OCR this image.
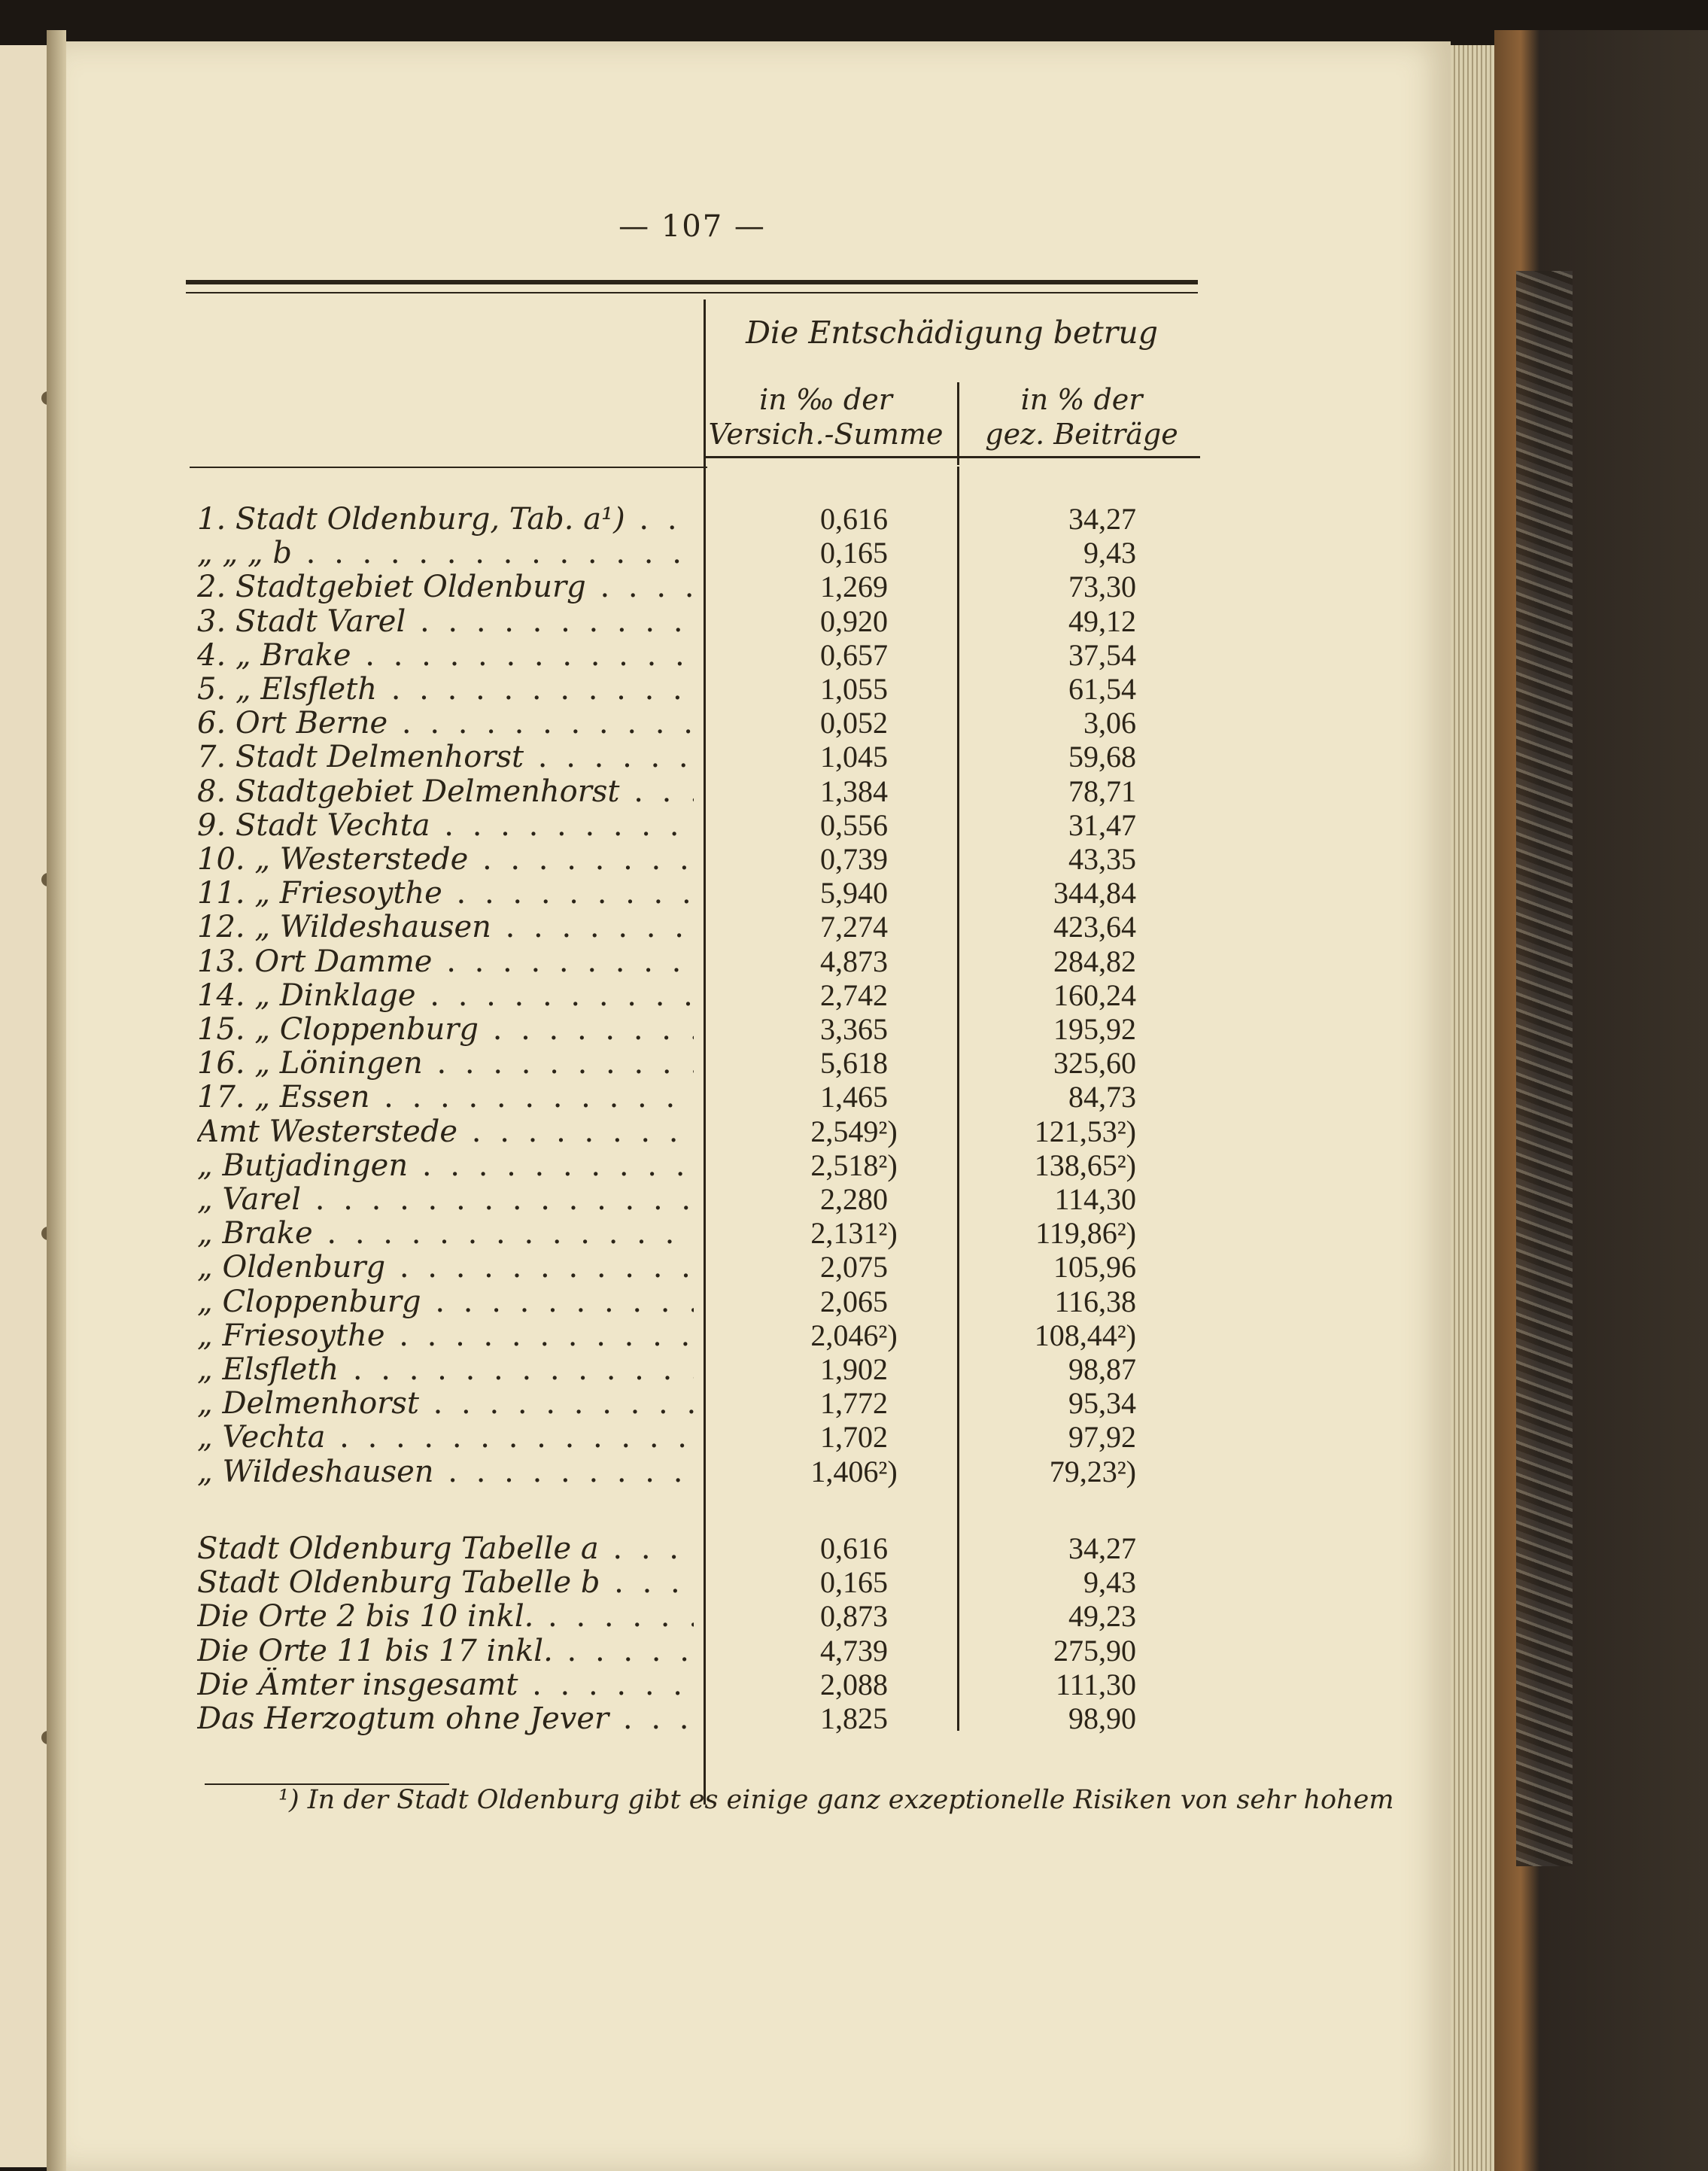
— 107 —
Die Entschädigung betrug
in ‰ der
Versich.-Summe
in % der
gez. Beiträge
1. Stadt Oldenburg, Tab. a¹) . . .	0,616	34,27
„ „ „ b . . .	0,165	9,43
2. Stadtgebiet Oldenburg . . .	1,269	73,30
3. Stadt Varel . . .	0,920	49,12
4. „ Brake . . .	0,657	37,54
5. „ Elsfleth . . .	1,055	61,54
6. Ort Berne . . .	0,052	3,06
7. Stadt Delmenhorst . . .	1,045	59,68
8. Stadtgebiet Delmenhorst . . .	1,384	78,71
9. Stadt Vechta . . .	0,556	31,47
10. „ Westerstede . . .	0,739	43,35
11. „ Friesoythe . . .	5,940	344,84
12. „ Wildeshausen . . .	7,274	423,64
13. Ort Damme . . .	4,873	284,82
14. „ Dinklage . . .	2,742	160,24
15. „ Cloppenburg . . .	3,365	195,92
16. „ Löningen . . .	5,618	325,60
17. „ Essen . . .	1,465	84,73
Amt Westerstede . . .	2,549²)	121,53²)
„ Butjadingen . . .	2,518²)	138,65²)
„ Varel . . .	2,280	114,30
„ Brake . . .	2,131²)	119,86²)
„ Oldenburg . . .	2,075	105,96
„ Cloppenburg . . .	2,065	116,38
„ Friesoythe . . .	2,046²)	108,44²)
„ Elsfleth . . .	1,902	98,87
„ Delmenhorst . . .	1,772	95,34
„ Vechta . . .	1,702	97,92
„ Wildeshausen . . .	1,406²)	79,23²)
Stadt Oldenburg Tabelle a . . .	0,616	34,27
Stadt Oldenburg Tabelle b . . .	0,165	9,43
Die Orte 2 bis 10 inkl. . . .	0,873	49,23
Die Orte 11 bis 17 inkl. . . .	4,739	275,90
Die Ämter insgesamt . . .	2,088	111,30
Das Herzogtum ohne Jever . . .	1,825	98,90
¹) In der Stadt Oldenburg gibt es einige ganz exzeptionelle Risiken von sehr hohem
